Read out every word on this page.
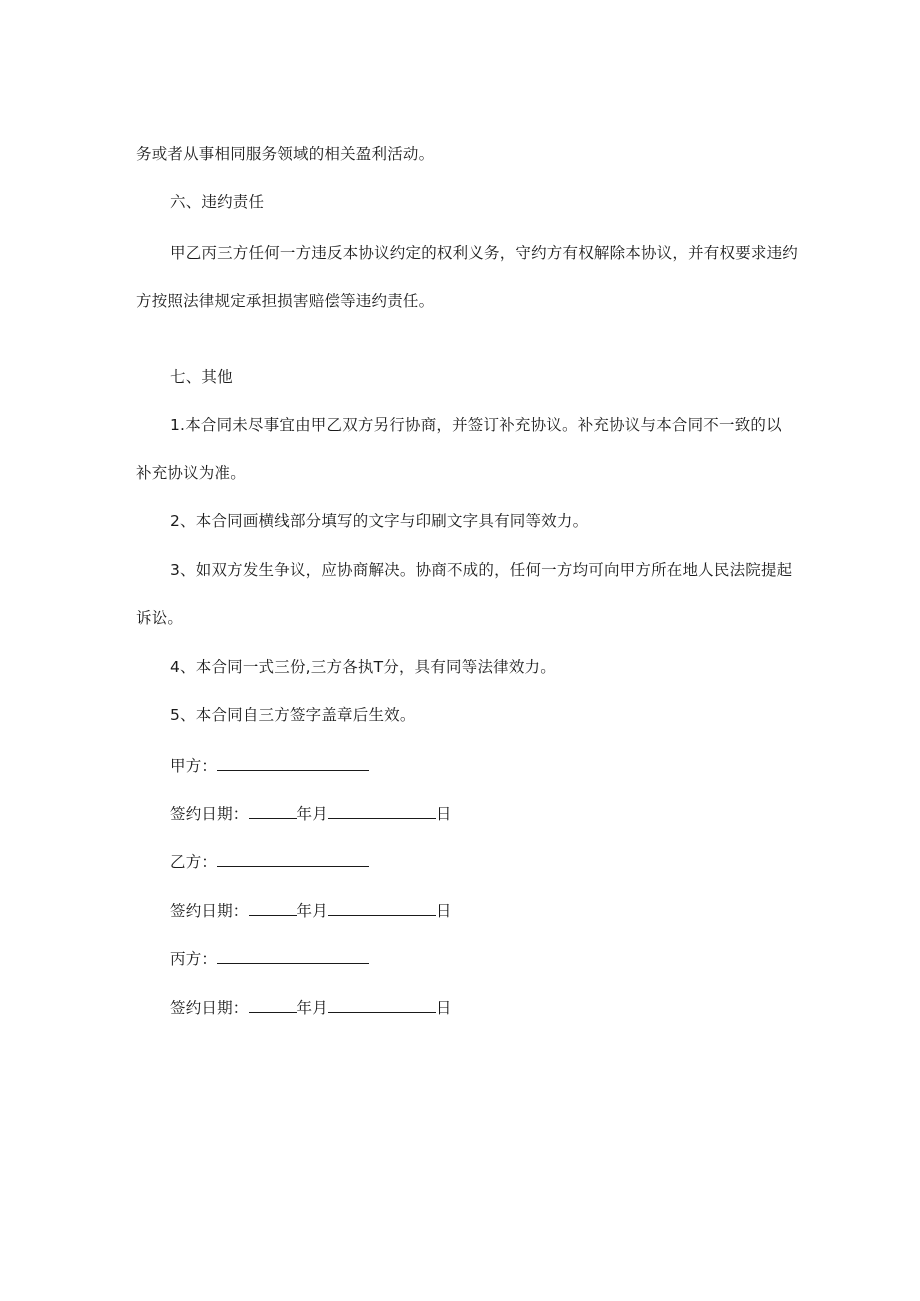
务或者从事相同服务领域的相关盈利活动。
六、违约责任
甲乙丙三方任何一方违反本协议约定的权利义务，守约方有权解除本协议，并有权要求违约
方按照法律规定承担损害赔偿等违约责任。
七、其他
1.本合同未尽事宜由甲乙双方另行协商，并签订补充协议。补充协议与本合同不一致的以
补充协议为准。
2、本合同画横线部分填写的文字与印刷文字具有同等效力。
3、如双方发生争议，应协商解决。协商不成的，任何一方均可向甲方所在地人民法院提起
诉讼。
4、本合同一式三份,三方各执T分，具有同等法律效力。
5、本合同自三方签字盖章后生效。
甲方：
签约日期：	年月	日
乙方：
签约日期：	年月	日
丙方：
签约日期：	年月	日
